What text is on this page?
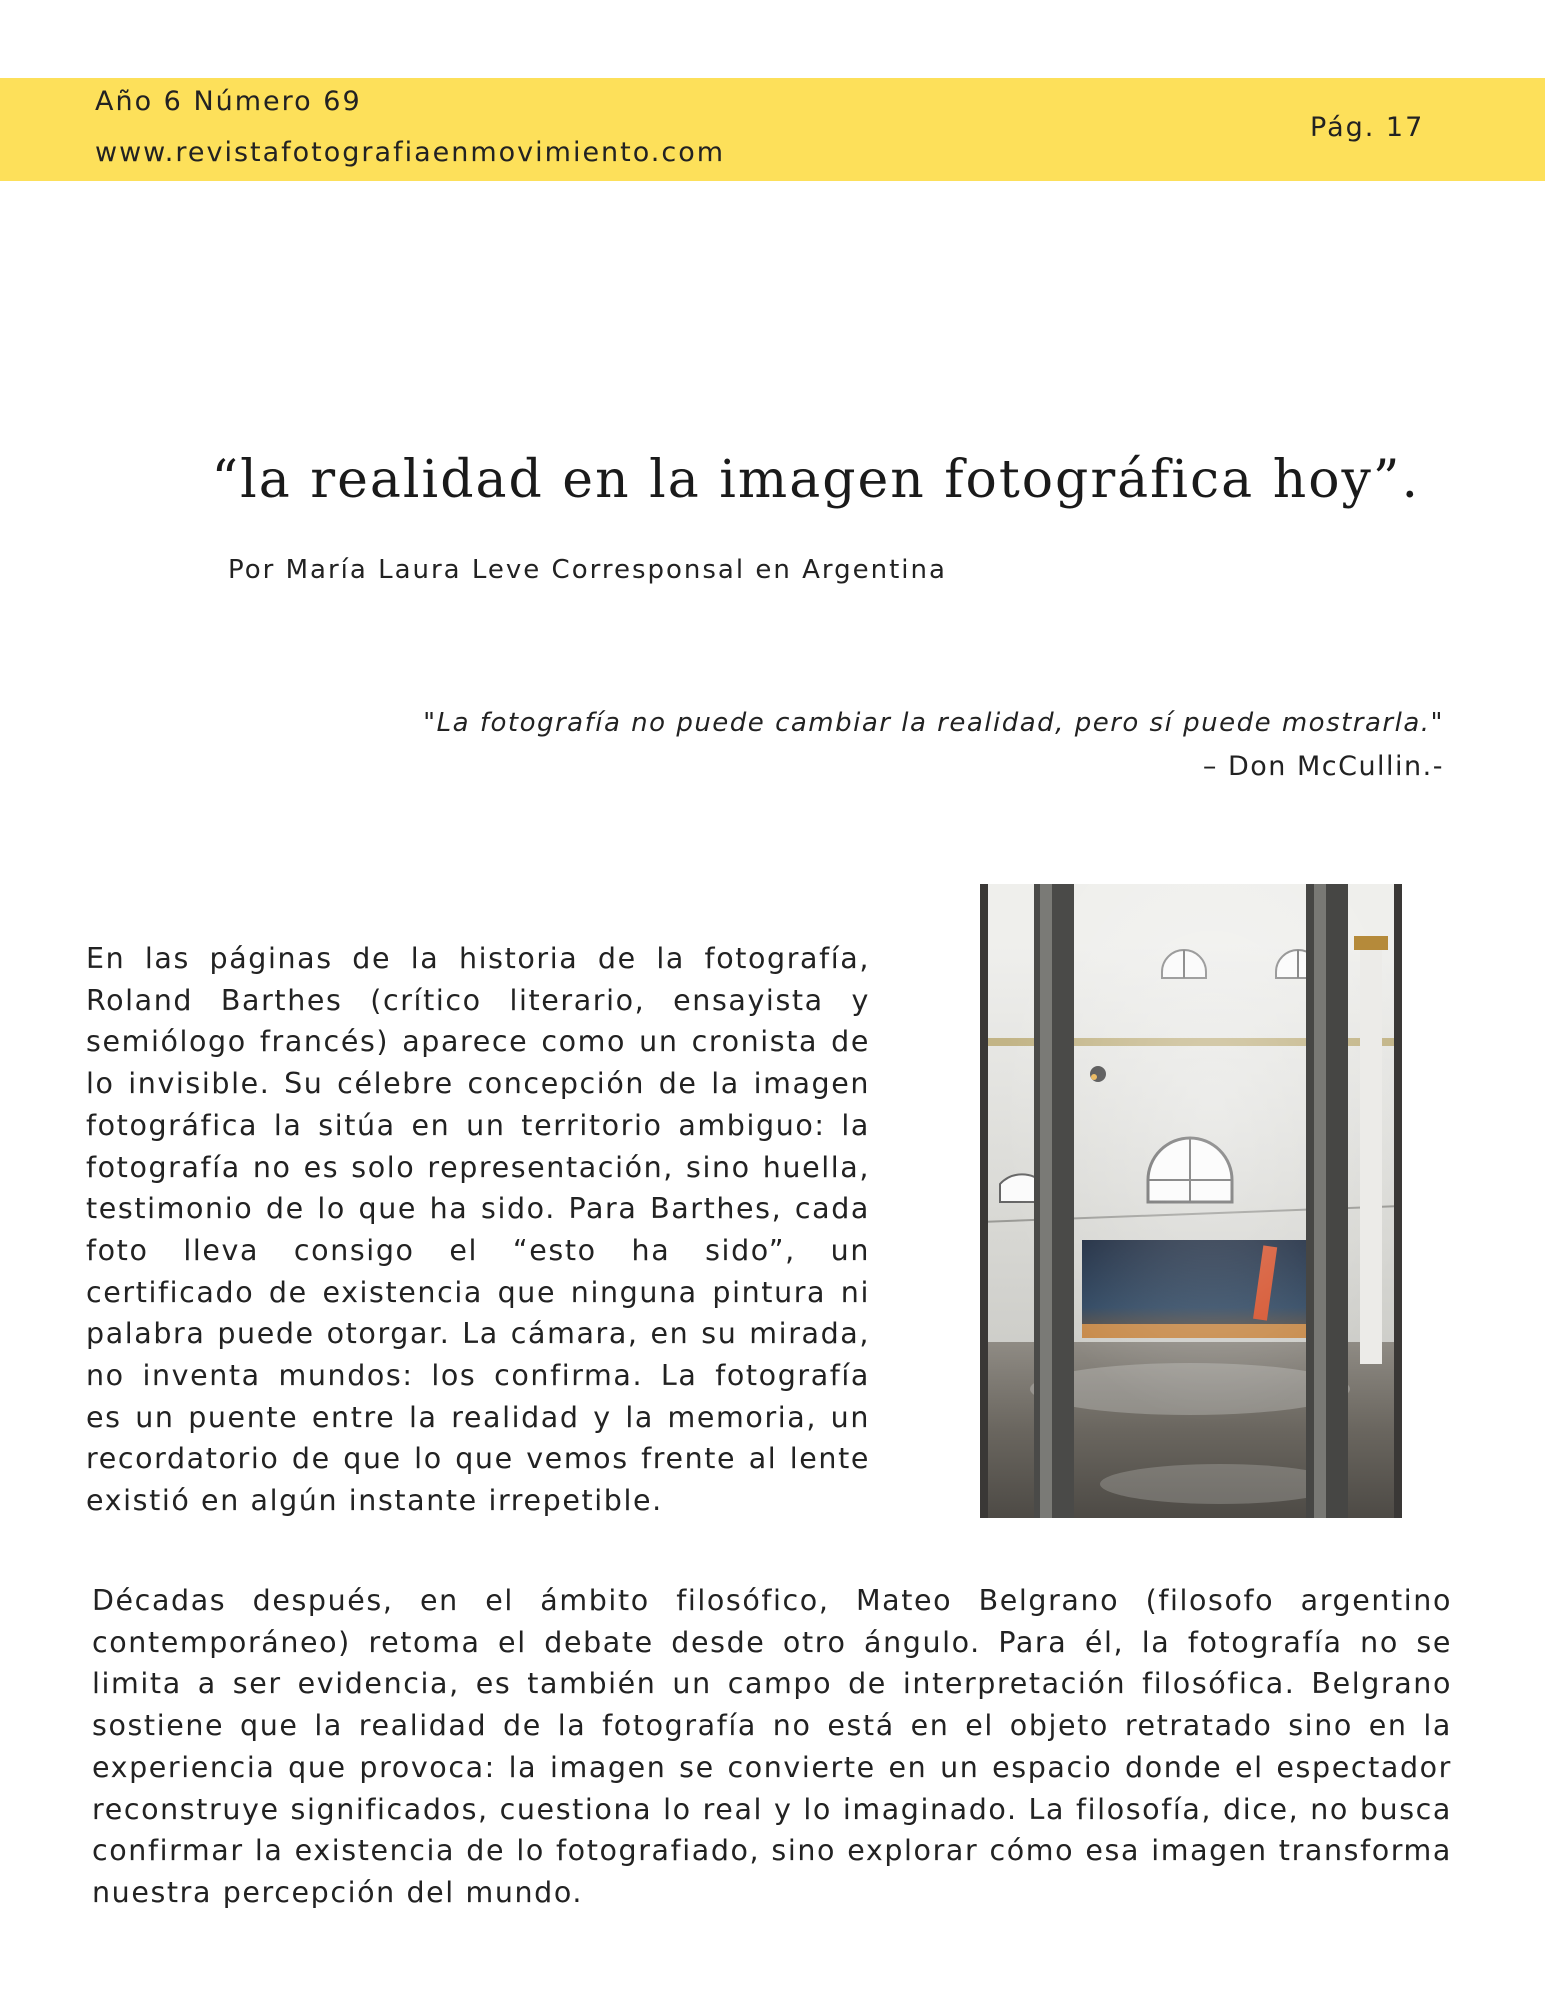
Año 6 Número 69
www.revistafotografiaenmovimiento.com
Pág. 17
“la realidad en la imagen fotográfica hoy”.
Por María Laura Leve Corresponsal en Argentina
"La fotografía no puede cambiar la realidad, pero sí puede mostrarla."
– Don McCullin.-

En las páginas de la historia de la fotografía, Roland Barthes (crítico literario, ensayista y semiólogo francés) aparece como un cronista de lo invisible. Su célebre concepción de la imagen fotográfica la sitúa en un territorio ambiguo: la fotografía no es solo representación, sino huella, testimonio de lo que ha sido. Para Barthes, cada foto lleva consigo el “esto ha sido”, un certificado de existencia que ninguna pintura ni palabra puede otorgar. La cámara, en su mirada, no inventa mundos: los confirma. La fotografía es un puente entre la realidad y la memoria, un recordatorio de que lo que vemos frente al lente existió en algún instante irrepetible.

Décadas después, en el ámbito filosófico, Mateo Belgrano (filosofo argentino contemporáneo) retoma el debate desde otro ángulo. Para él, la fotografía no se limita a ser evidencia, es también un campo de interpretación filosófica. Belgrano sostiene que la realidad de la fotografía no está en el objeto retratado sino en la experiencia que provoca: la imagen se convierte en un espacio donde el espectador reconstruye significados, cuestiona lo real y lo imaginado. La filosofía, dice, no busca confirmar la existencia de lo fotografiado, sino explorar cómo esa imagen transforma nuestra percepción del mundo.
